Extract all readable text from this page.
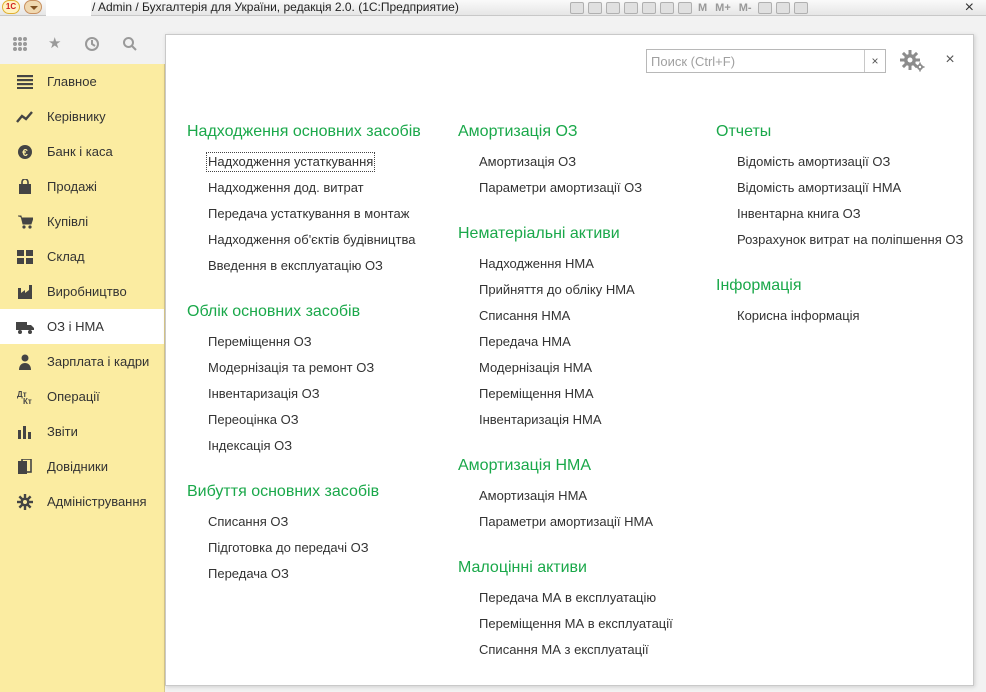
1С	/ Admin / Бухгалтерія для України, редакція 2.0. (1С:Предприятие)	M M+ M-	×
★
Главное
Керівнику
€ Банк і каса
Продажі
Купівлі
Склад
Виробництво
ОЗ і НМА
Зарплата і кадри
Дт
Кт Операції
Звіти
Довідники
Адміністрування
Поиск (Ctrl+F)
×	×
Надходження основних засобів
Надходження устаткування
Надходження дод. витрат
Передача устаткування в монтаж
Надходження об'єктів будівництва
Введення в експлуатацію ОЗ
Облік основних засобів
Переміщення ОЗ
Модернізація та ремонт ОЗ
Інвентаризація ОЗ
Переоцінка ОЗ
Індексація ОЗ
Вибуття основних засобів
Списання ОЗ
Підготовка до передачі ОЗ
Передача ОЗ
Амортизація ОЗ
Амортизація ОЗ
Параметри амортизації ОЗ
Нематеріальні активи
Надходження НМА
Прийняття до обліку НМА
Списання НМА
Передача НМА
Модернізація НМА
Переміщення НМА
Інвентаризація НМА
Амортизація НМА
Амортизація НМА
Параметри амортизації НМА
Малоцінні активи
Передача МА в експлуатацію
Переміщення МА в експлуатації
Списання МА з експлуатації
Отчеты
Відомість амортизації ОЗ
Відомість амортизації НМА
Інвентарна книга ОЗ
Розрахунок витрат на поліпшення ОЗ
Інформація
Корисна інформація
